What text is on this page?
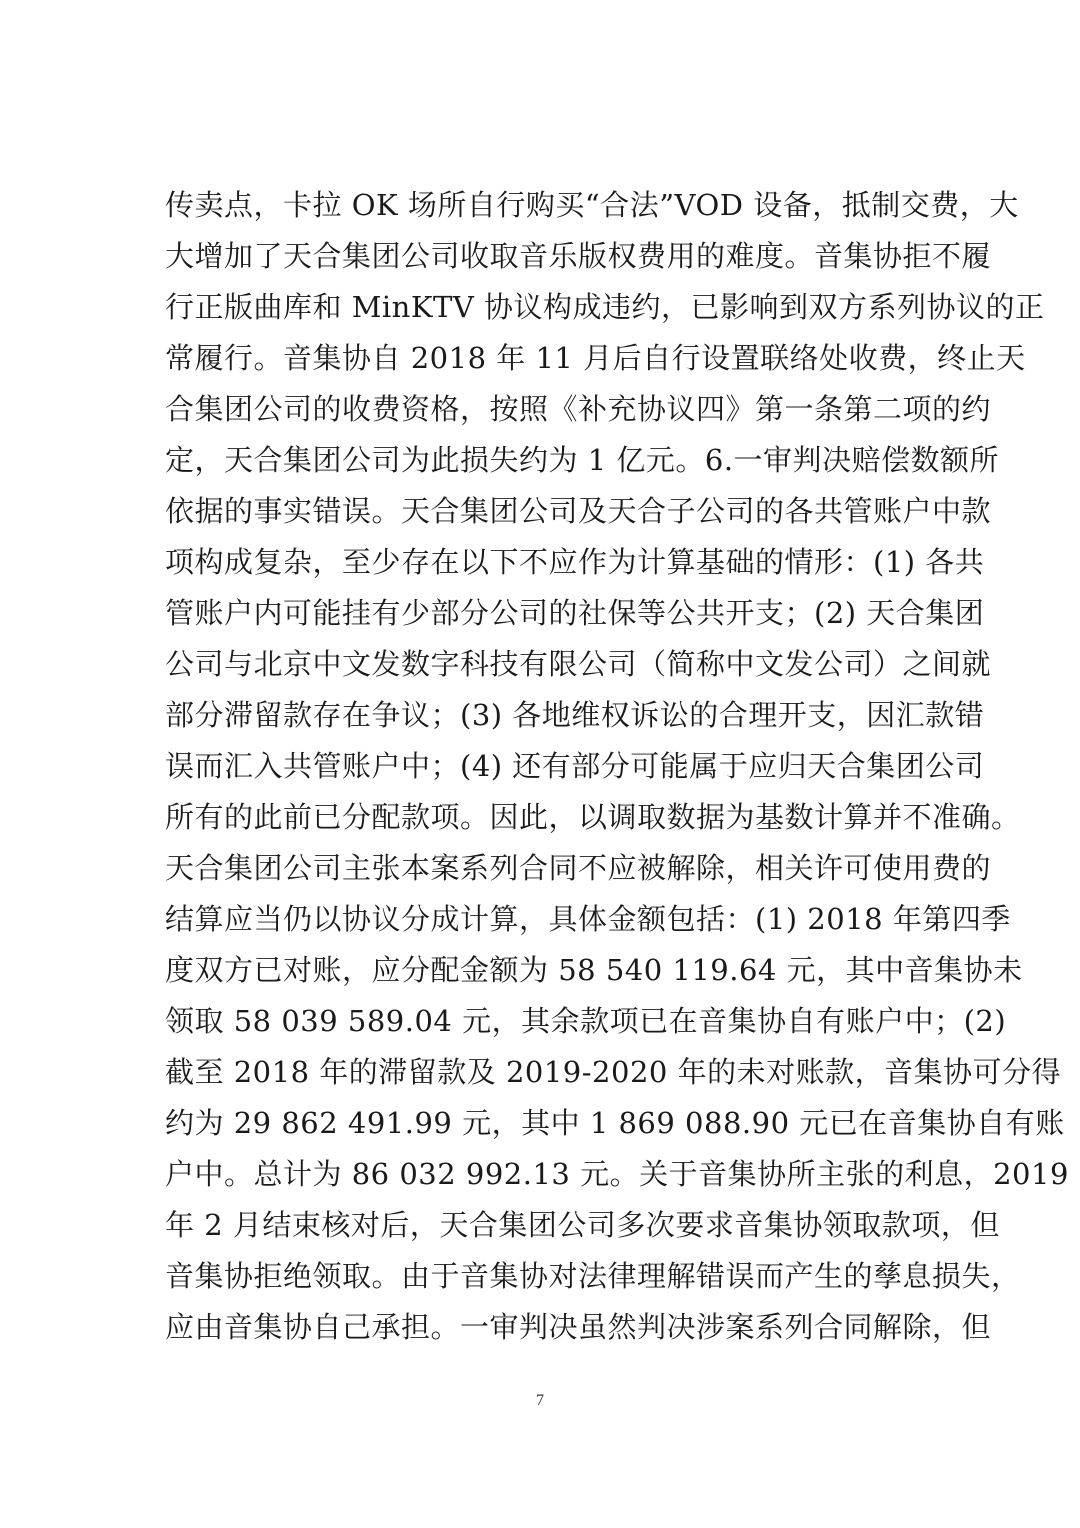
传卖点，卡拉 OK 场所自行购买“合法”VOD 设备，抵制交费，大
大增加了天合集团公司收取音乐版权费用的难度。音集协拒不履
行正版曲库和 MinKTV 协议构成违约，已影响到双方系列协议的正
常履行。音集协自 2018 年 11 月后自行设置联络处收费，终止天
合集团公司的收费资格，按照《补充协议四》第一条第二项的约
定，天合集团公司为此损失约为 1 亿元。6.一审判决赔偿数额所
依据的事实错误。天合集团公司及天合子公司的各共管账户中款
项构成复杂，至少存在以下不应作为计算基础的情形：(1) 各共
管账户内可能挂有少部分公司的社保等公共开支；(2) 天合集团
公司与北京中文发数字科技有限公司（简称中文发公司）之间就
部分滞留款存在争议；(3) 各地维权诉讼的合理开支，因汇款错
误而汇入共管账户中；(4) 还有部分可能属于应归天合集团公司
所有的此前已分配款项。因此，以调取数据为基数计算并不准确。
天合集团公司主张本案系列合同不应被解除，相关许可使用费的
结算应当仍以协议分成计算，具体金额包括：(1) 2018 年第四季
度双方已对账，应分配金额为 58 540 119.64 元，其中音集协未
领取 58 039 589.04 元，其余款项已在音集协自有账户中；(2)
截至 2018 年的滞留款及 2019-2020 年的未对账款，音集协可分得
约为 29 862 491.99 元，其中 1 869 088.90 元已在音集协自有账
户中。总计为 86 032 992.13 元。关于音集协所主张的利息，2019
年 2 月结束核对后，天合集团公司多次要求音集协领取款项，但
音集协拒绝领取。由于音集协对法律理解错误而产生的孳息损失，
应由音集协自己承担。一审判决虽然判决涉案系列合同解除，但
7
